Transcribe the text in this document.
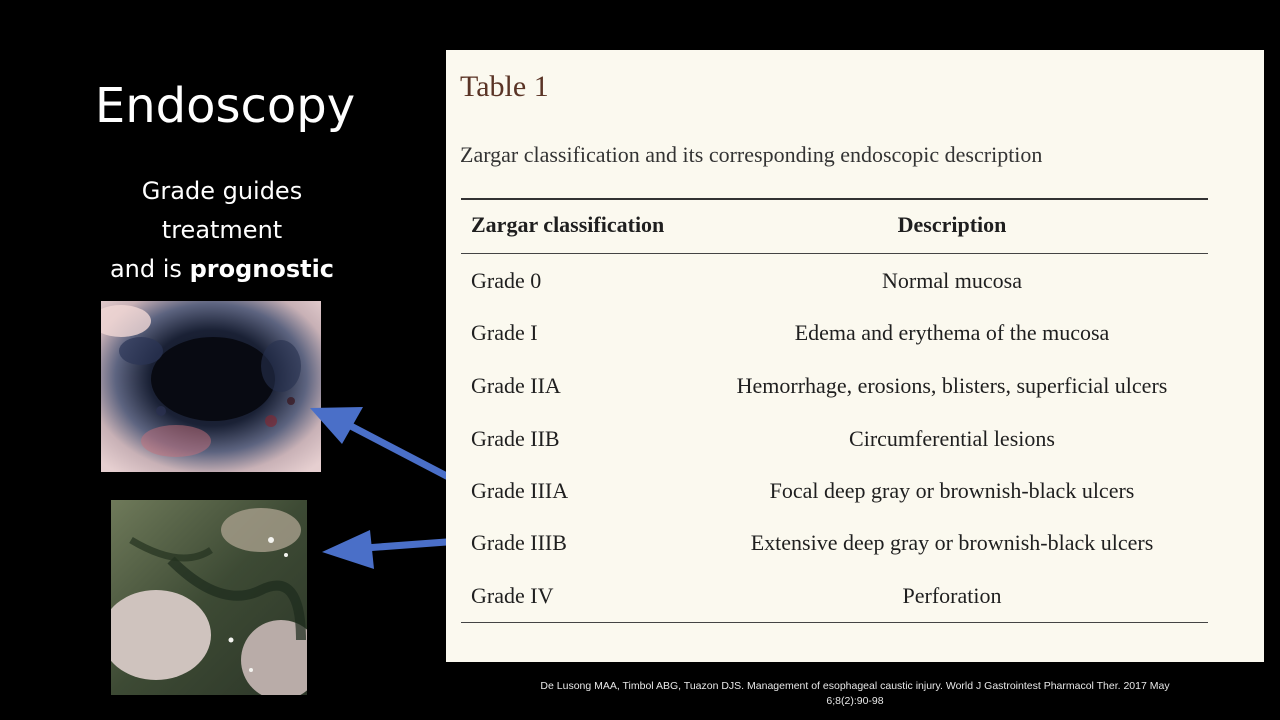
Endoscopy
Grade guides
treatment
and is prognostic
Table 1
Zargar classification and its corresponding endoscopic description
Zargar classification	Description
Grade 0	Normal mucosa
Grade I	Edema and erythema of the mucosa
Grade IIA	Hemorrhage, erosions, blisters, superficial ulcers
Grade IIB	Circumferential lesions
Grade IIIA	Focal deep gray or brownish-black ulcers
Grade IIIB	Extensive deep gray or brownish-black ulcers
Grade IV	Perforation
De Lusong MAA, Timbol ABG, Tuazon DJS. Management of esophageal caustic injury. World J Gastrointest Pharmacol Ther. 2017 May
6;8(2):90-98
